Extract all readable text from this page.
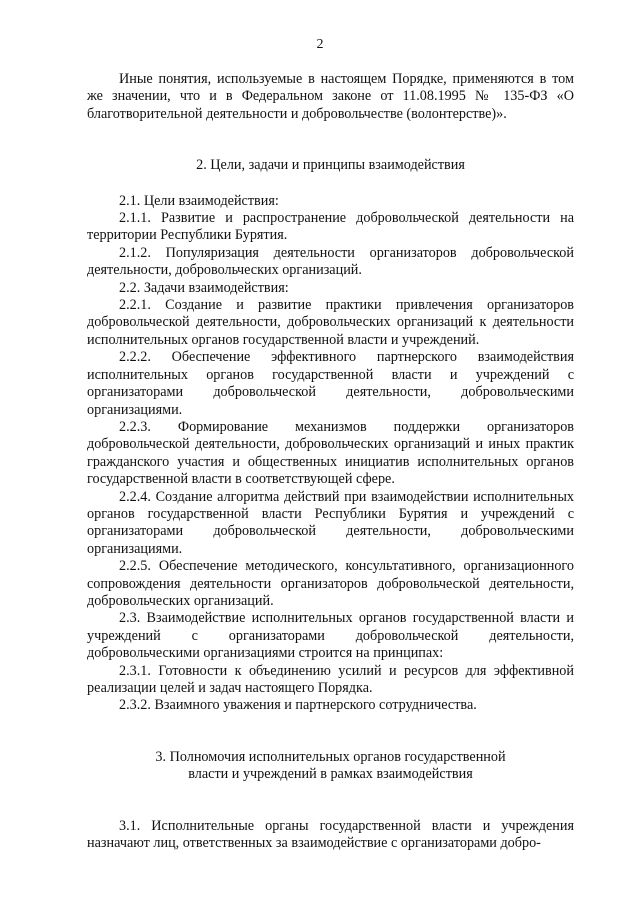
2

Иные понятия, используемые в настоящем Порядке, применяются в том же значении, что и в Федеральном законе от 11.08.1995 № 135-ФЗ «О благотворительной деятельности и добровольчестве (волонтерстве)».

2. Цели, задачи и принципы взаимодействия

2.1. Цели взаимодействия:

2.1.1. Развитие и распространение добровольческой деятельности на территории Республики Бурятия.

2.1.2. Популяризация деятельности организаторов добровольческой деятельности, добровольческих организаций.

2.2. Задачи взаимодействия:

2.2.1. Создание и развитие практики привлечения организаторов добровольческой деятельности, добровольческих организаций к деятельности исполнительных органов государственной власти и учреждений.

2.2.2. Обеспечение эффективного партнерского взаимодействия исполнительных органов государственной власти и учреждений с организаторами добровольческой деятельности, добровольческими организациями.

2.2.3. Формирование механизмов поддержки организаторов добровольческой деятельности, добровольческих организаций и иных практик гражданского участия и общественных инициатив исполнительных органов государственной власти в соответствующей сфере.

2.2.4. Создание алгоритма действий при взаимодействии исполнительных органов государственной власти Республики Бурятия и учреждений с организаторами добровольческой деятельности, добровольческими организациями.

2.2.5. Обеспечение методического, консультативного, организационного сопровождения деятельности организаторов добровольческой деятельности, добровольческих организаций.

2.3. Взаимодействие исполнительных органов государственной власти и учреждений с организаторами добровольческой деятельности, добровольческими организациями строится на принципах:

2.3.1. Готовности к объединению усилий и ресурсов для эффективной реализации целей и задач настоящего Порядка.

2.3.2. Взаимного уважения и партнерского сотрудничества.

3. Полномочия исполнительных органов государственной
власти и учреждений в рамках взаимодействия

3.1. Исполнительные органы государственной власти и учреждения назначают лиц, ответственных за взаимодействие с организаторами добро-
